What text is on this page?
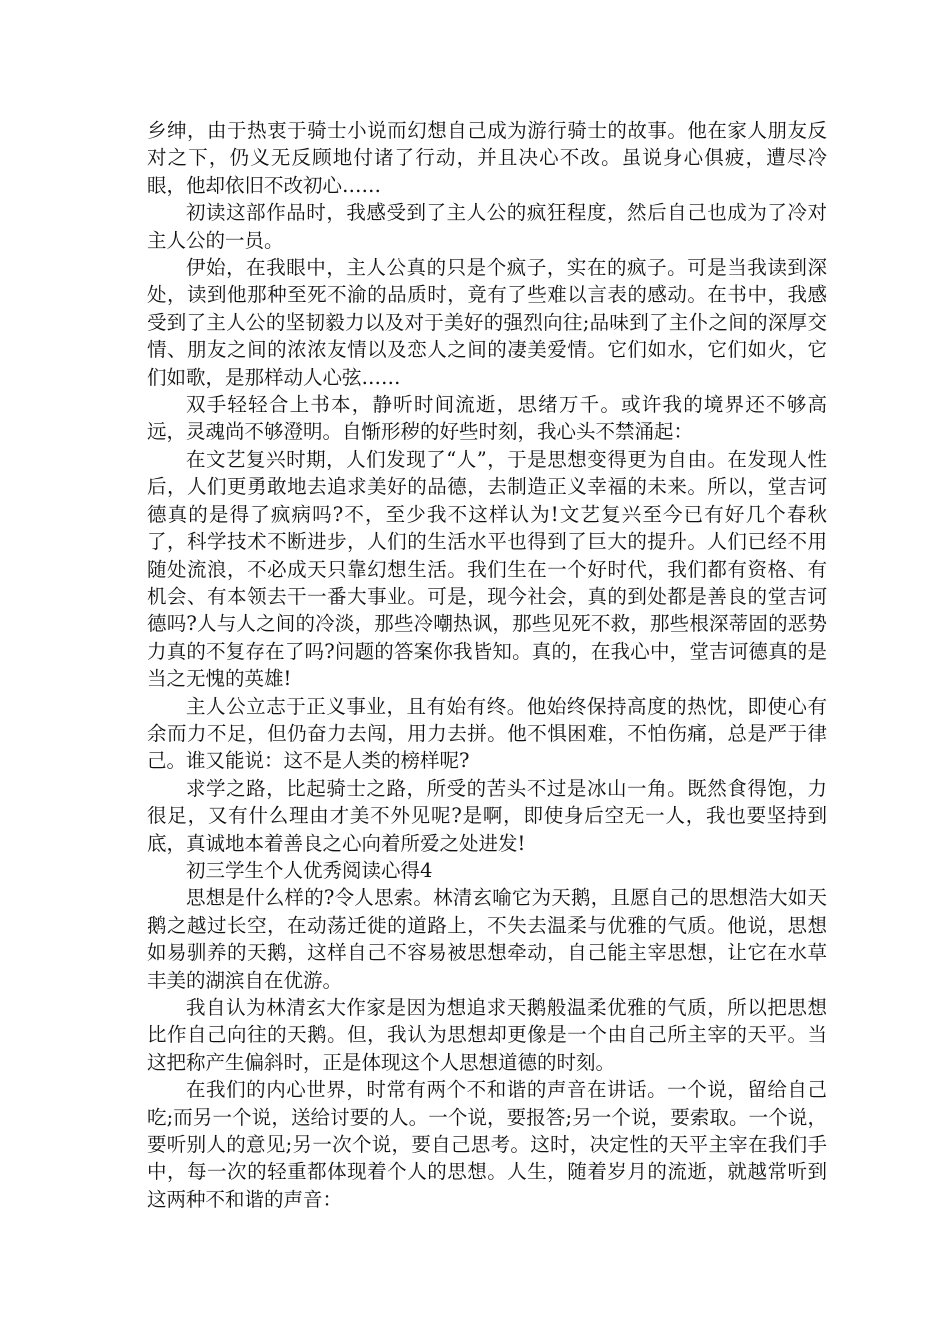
乡绅，由于热衷于骑士小说而幻想自己成为游行骑士的故事。他在家人朋友反对之下，仍义无反顾地付诸了行动，并且决心不改。虽说身心俱疲，遭尽冷眼，他却依旧不改初心……

初读这部作品时，我感受到了主人公的疯狂程度，然后自己也成为了冷对主人公的一员。

伊始，在我眼中，主人公真的只是个疯子，实在的疯子。可是当我读到深处，读到他那种至死不渝的品质时，竟有了些难以言表的感动。在书中，我感受到了主人公的坚韧毅力以及对于美好的强烈向往;品味到了主仆之间的深厚交情、朋友之间的浓浓友情以及恋人之间的凄美爱情。它们如水，它们如火，它们如歌，是那样动人心弦……

双手轻轻合上书本，静听时间流逝，思绪万千。或许我的境界还不够高远，灵魂尚不够澄明。自惭形秽的好些时刻，我心头不禁涌起：

在文艺复兴时期，人们发现了“人”，于是思想变得更为自由。在发现人性后，人们更勇敢地去追求美好的品德，去制造正义幸福的未来。所以，堂吉诃德真的是得了疯病吗?不，至少我不这样认为!文艺复兴至今已有好几个春秋了，科学技术不断进步，人们的生活水平也得到了巨大的提升。人们已经不用随处流浪，不必成天只靠幻想生活。我们生在一个好时代，我们都有资格、有机会、有本领去干一番大事业。可是，现今社会，真的到处都是善良的堂吉诃德吗?人与人之间的冷淡，那些冷嘲热讽，那些见死不救，那些根深蒂固的恶势力真的不复存在了吗?问题的答案你我皆知。真的，在我心中，堂吉诃德真的是当之无愧的英雄!

主人公立志于正义事业，且有始有终。他始终保持高度的热忱，即使心有余而力不足，但仍奋力去闯，用力去拼。他不惧困难，不怕伤痛，总是严于律己。谁又能说：这不是人类的榜样呢?

求学之路，比起骑士之路，所受的苦头不过是冰山一角。既然食得饱，力很足，又有什么理由才美不外见呢?是啊，即使身后空无一人，我也要坚持到底，真诚地本着善良之心向着所爱之处进发!

初三学生个人优秀阅读心得4

思想是什么样的?令人思索。林清玄喻它为天鹅，且愿自己的思想浩大如天鹅之越过长空，在动荡迁徙的道路上，不失去温柔与优雅的气质。他说，思想如易驯养的天鹅，这样自己不容易被思想牵动，自己能主宰思想，让它在水草丰美的湖滨自在优游。

我自认为林清玄大作家是因为想追求天鹅般温柔优雅的气质，所以把思想比作自己向往的天鹅。但，我认为思想却更像是一个由自己所主宰的天平。当这把称产生偏斜时，正是体现这个人思想道德的时刻。

在我们的内心世界，时常有两个不和谐的声音在讲话。一个说，留给自己吃;而另一个说，送给讨要的人。一个说，要报答;另一个说，要索取。一个说，要听别人的意见;另一次个说，要自己思考。这时，决定性的天平主宰在我们手中，每一次的轻重都体现着个人的思想。人生，随着岁月的流逝，就越常听到这两种不和谐的声音：
